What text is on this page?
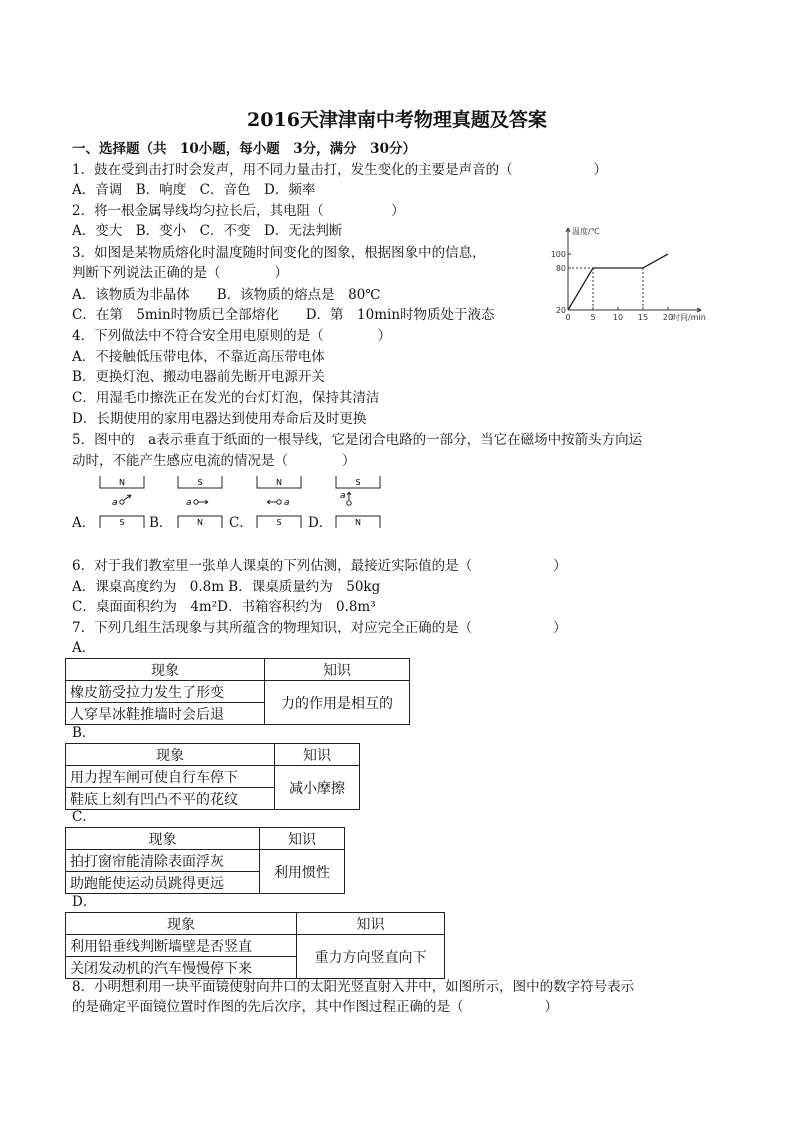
2016天津津南中考物理真题及答案
一、选择题（共　10小题，每小题　3分，满分　30分）
1．鼓在受到击打时会发声，用不同力量击打，发生变化的主要是声音的（　　　　　　）
A．音调　B．响度　C．音色　D．频率
2．将一根金属导线均匀拉长后，其电阻（　　　　　）
A．变大　B．变小　C．不变　D．无法判断
3．如图是某物质熔化时温度随时间变化的图象，根据图象中的信息，
判断下列说法正确的是（　　　　）
A．该物质为非晶体　　B．该物质的熔点是　80℃
C．在第　5min时物质已全部熔化　　D．第　10min时物质处于液态
温度/℃
时间/min
0 5 10 15 20
20
80
100
4．下列做法中不符合安全用电原则的是（　　　　）
A．不接触低压带电体，不靠近高压带电体
B．更换灯泡、搬动电器前先断开电源开关
C．用湿毛巾擦洗正在发光的台灯灯泡，保持其清洁
D．长期使用的家用电器达到使用寿命后及时更换
5．图中的　a表示垂直于纸面的一根导线，它是闭合电路的一部分，当它在磁场中按箭头方向运
动时，不能产生感应电流的情况是（　　　　）
A．	B．	C．	D．
N
a
S
S
a
N
N
a
S
S
a
N
6．对于我们教室里一张单人课桌的下列估测，最接近实际值的是（　　　　　　）
A．课桌高度约为　0.8m B．课桌质量约为　50kg
C．桌面面积约为　4m²D．书箱容积约为　0.8m³
7．下列几组生活现象与其所蕴含的物理知识，对应完全正确的是（　　　　　　）
A．
现象	知识
橡皮筋受拉力发生了形变	力的作用是相互的
人穿旱冰鞋推墙时会后退	
B．
现象	知识
用力捏车闸可使自行车停下	减小摩擦
鞋底上刻有凹凸不平的花纹	
C．
现象	知识
拍打窗帘能清除表面浮灰	利用惯性
助跑能使运动员跳得更远	
D．
现象	知识
利用铅垂线判断墙壁是否竖直	重力方向竖直向下
关闭发动机的汽车慢慢停下来	
8．小明想利用一块平面镜使射向井口的太阳光竖直射入井中，如图所示，图中的数字符号表示
的是确定平面镜位置时作图的先后次序，其中作图过程正确的是（　　　　　　）
